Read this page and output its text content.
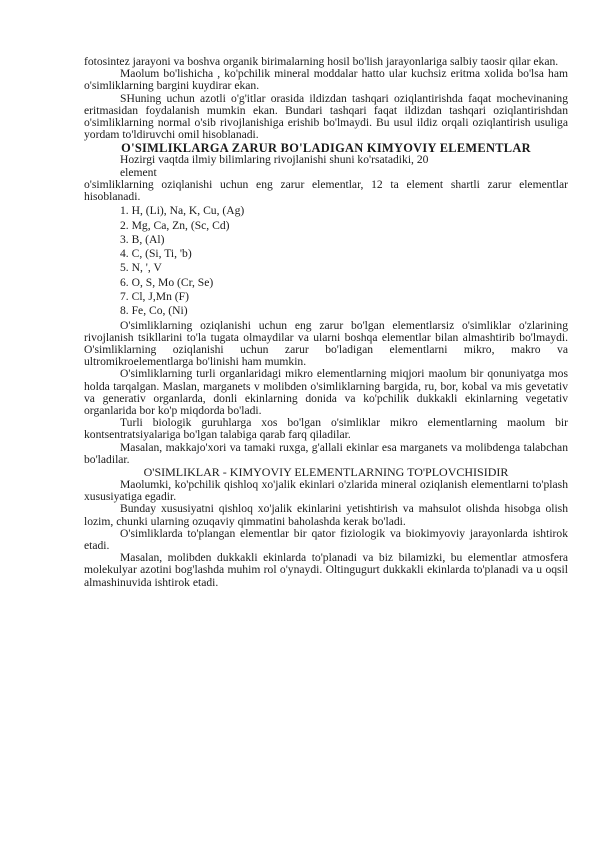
fotosintez jarayoni va boshva organik birimalarning hosil bo'lish jarayonlariga salbiy taosir qilar ekan.

Maolum bo'lishicha , ko'pchilik mineral moddalar hatto ular kuchsiz eritma xolida bo'lsa ham o'simliklarning bargini kuydirar ekan.

SHuning uchun azotli o'g'itlar orasida ildizdan tashqari oziqlantirishda faqat mochevinaning eritmasidan foydalanish mumkin ekan. Bundari tashqari faqat ildizdan tashqari oziqlantirishdan o'simliklarning normal o'sib rivojlanishiga erishib bo'lmaydi. Bu usul ildiz orqali oziqlantirish usuliga yordam to'ldiruvchi omil hisoblanadi.

O'SIMLIKLARGA ZARUR BO'LADIGAN KIMYOVIY ELEMENTLAR

Hozirgi vaqtda ilmiy bilimlaring rivojlanishi shuni ko'rsatadiki, 20

element

o'simliklarning oziqlanishi uchun eng zarur elementlar, 12 ta element shartli zarur elementlar hisoblanadi.

1. H, (Li), Na, K, Cu, (Ag)
2. Mg, Ca, Zn, (Sc, Cd)
3. B, (Al)
4. C, (Si, Ti, 'b)
5. N, ', V
6. O, S, Mo (Cr, Se)
7. Cl, J,Mn (F)
8. Fe, Co, (Ni)

O'simliklarning oziqlanishi uchun eng zarur bo'lgan elementlarsiz o'simliklar o'zlarining rivojlanish tsikllarini to'la tugata olmaydilar va ularni boshqa elementlar bilan almashtirib bo'lmaydi. O'simliklarning oziqlanishi uchun zarur bo'ladigan elementlarni mikro, makro va ultromikroelementlarga bo'linishi ham mumkin.

O'simliklarning turli organlaridagi mikro elementlarning miqjori maolum bir qonuniyatga mos holda tarqalgan. Maslan, marganets v molibden o'simliklarning bargida, ru, bor, kobal va mis gevetativ va generativ organlarda, donli ekinlarning donida va ko'pchilik dukkakli ekinlarning vegetativ organlarida bor ko'p miqdorda bo'ladi.

Turli biologik guruhlarga xos bo'lgan o'simliklar mikro elementlarning maolum bir kontsentratsiyalariga bo'lgan talabiga qarab farq qiladilar.

Masalan, makkajo'xori va tamaki ruxga, g'allali ekinlar esa marganets va molibdenga talabchan bo'ladilar.

O'SIMLIKLAR - KIMYOVIY ELEMENTLARNING TO'PLOVCHISIDIR

Maolumki, ko'pchilik qishloq xo'jalik ekinlari o'zlarida mineral oziqlanish elementlarni to'plash xususiyatiga egadir.

Bunday xususiyatni qishloq xo'jalik ekinlarini yetishtirish va mahsulot olishda hisobga olish lozim, chunki ularning ozuqaviy qimmatini baholashda kerak bo'ladi.

O'simliklarda to'plangan elementlar bir qator fiziologik va biokimyoviy jarayonlarda ishtirok etadi.

Masalan, molibden dukkakli ekinlarda to'planadi va biz bilamizki, bu elementlar atmosfera molekulyar azotini bog'lashda muhim rol o'ynaydi. Oltingugurt dukkakli ekinlarda to'planadi va u oqsil almashinuvida ishtirok etadi.
